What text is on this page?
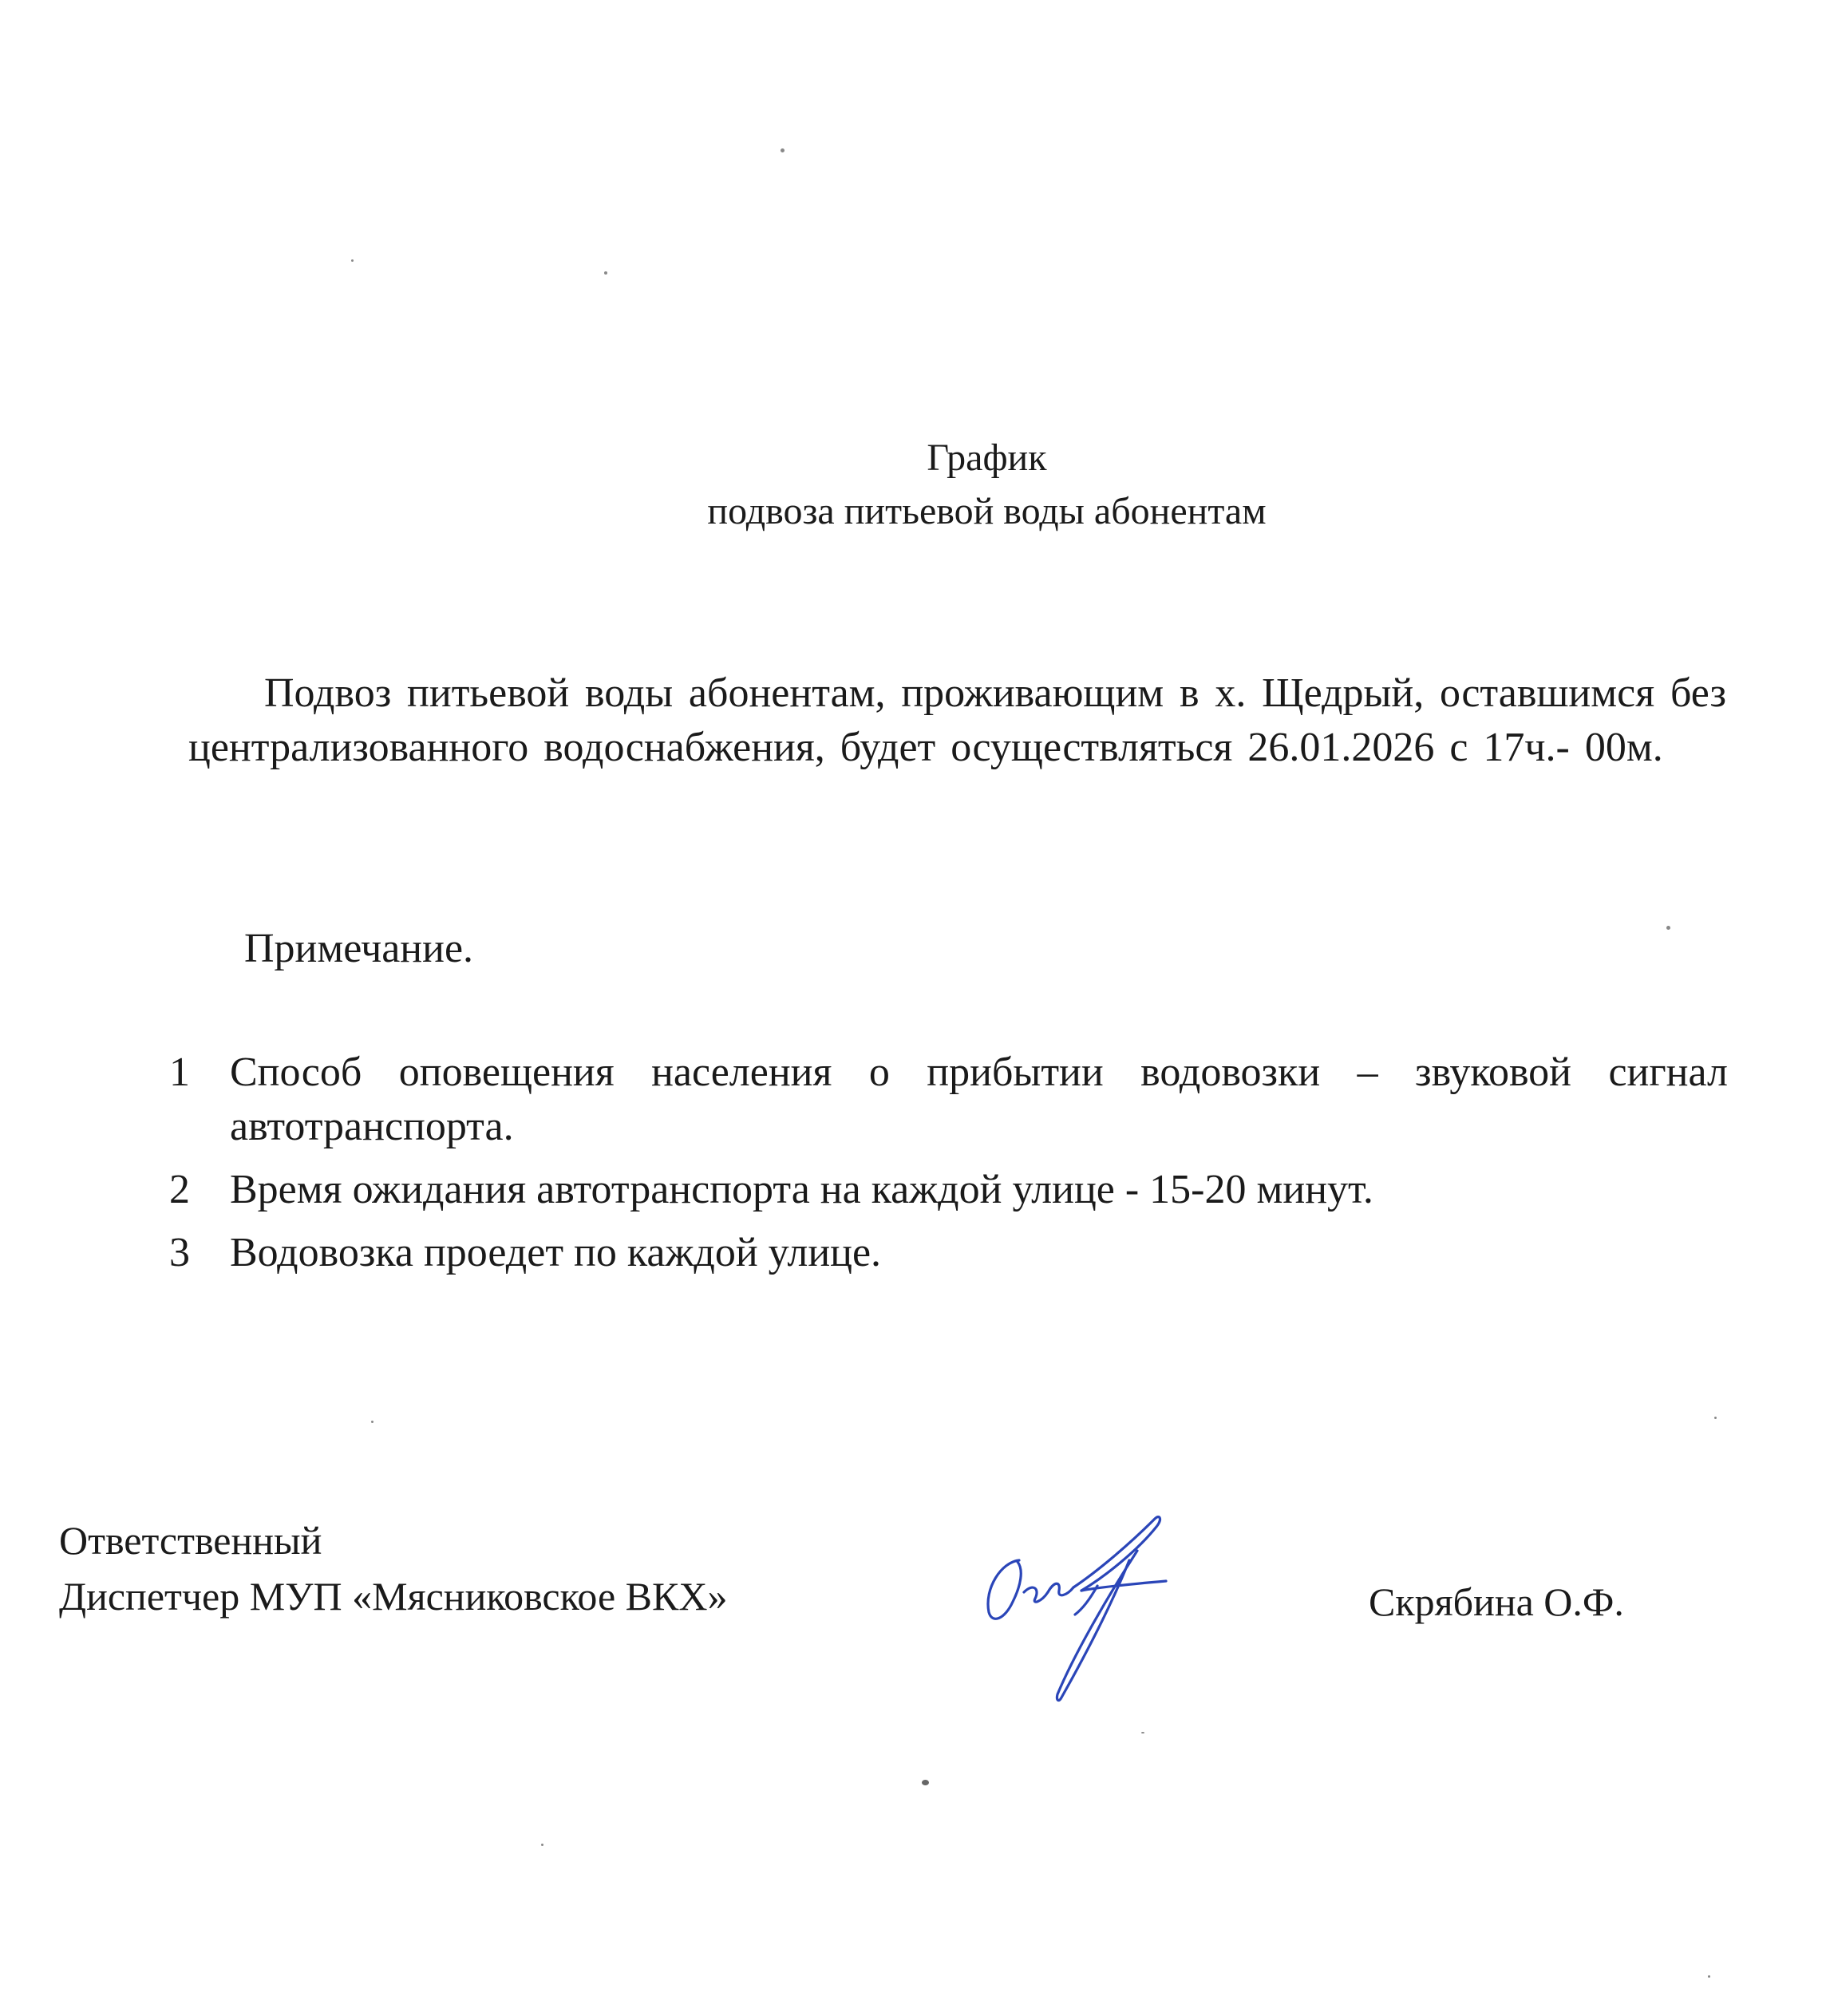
График
подвоза питьевой воды абонентам
Подвоз питьевой воды абонентам, проживающим в х. Щедрый, оставшимся без централизованного водоснабжения, будет осуществляться 26.01.2026 с 17ч.- 00м.
Примечание.
1 Способ оповещения населения о прибытии водовозки – звуковой сигнал автотранспорта.
2 Время ожидания автотранспорта на каждой улице - 15-20 минут.
3 Водовозка проедет по каждой улице.
Ответственный
Диспетчер МУП «Мясниковское ВКХ»	Скрябина О.Ф.
